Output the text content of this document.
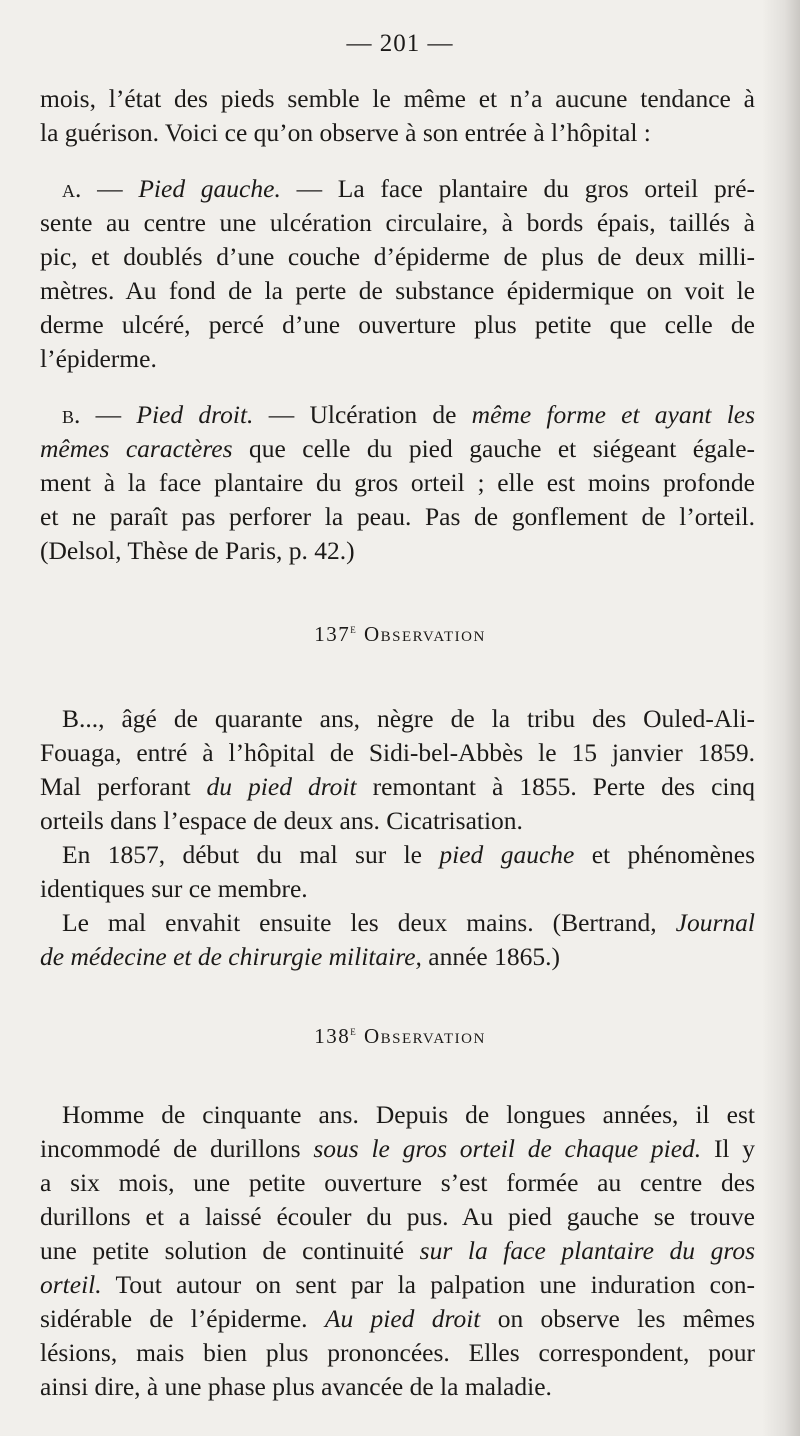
— 201 —
mois, l’état des pieds semble le même et n’a aucune tendance à
la guérison. Voici ce qu’on observe à son entrée à l’hôpital :
a. — Pied gauche. — La face plantaire du gros orteil pré-
sente au centre une ulcération circulaire, à bords épais, taillés à
pic, et doublés d’une couche d’épiderme de plus de deux milli-
mètres. Au fond de la perte de substance épidermique on voit le
derme ulcéré, percé d’une ouverture plus petite que celle de
l’épiderme.
b. — Pied droit. — Ulcération de même forme et ayant les
mêmes caractères que celle du pied gauche et siégeant égale-
ment à la face plantaire du gros orteil ; elle est moins profonde
et ne paraît pas perforer la peau. Pas de gonflement de l’orteil.
(Delsol, Thèse de Paris, p. 42.)
137e Observation
B..., âgé de quarante ans, nègre de la tribu des Ouled-Ali-
Fouaga, entré à l’hôpital de Sidi-bel-Abbès le 15 janvier 1859.
Mal perforant du pied droit remontant à 1855. Perte des cinq
orteils dans l’espace de deux ans. Cicatrisation.
En 1857, début du mal sur le pied gauche et phénomènes
identiques sur ce membre.
Le mal envahit ensuite les deux mains. (Bertrand, Journal
de médecine et de chirurgie militaire, année 1865.)
138e Observation
Homme de cinquante ans. Depuis de longues années, il est
incommodé de durillons sous le gros orteil de chaque pied. Il y
a six mois, une petite ouverture s’est formée au centre des
durillons et a laissé écouler du pus. Au pied gauche se trouve
une petite solution de continuité sur la face plantaire du gros
orteil. Tout autour on sent par la palpation une induration con-
sidérable de l’épiderme. Au pied droit on observe les mêmes
lésions, mais bien plus prononcées. Elles correspondent, pour
ainsi dire, à une phase plus avancée de la maladie.
